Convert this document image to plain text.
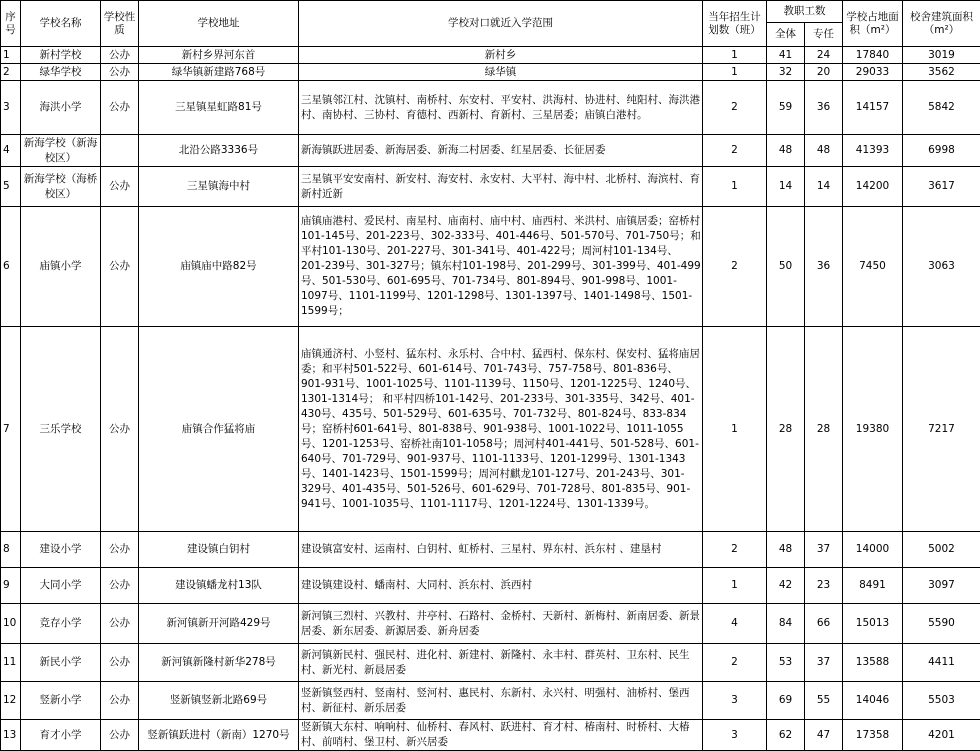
序号	学校名称	学校性质	学校地址	学校对口就近入学范围	当年招生计划数（班）	教职工数		学校占地面积（m²）	校舍建筑面积（m²）
						全体	专任		
1	新村学校	公办	新村乡界河东首	新村乡	1	41	24	17840	3019
2	绿华学校	公办	绿华镇新建路768号	绿华镇	1	32	20	29033	3562
3	海洪小学	公办	三星镇星虹路81号	三星镇邻江村、沈镇村、南桥村、东安村、平安村、洪海村、协进村、纯阳村、海洪港村、南协村、三协村、育德村、西新村、育新村、三星居委；庙镇白港村。	2	59	36	14157	5842
4	新海学校（新海校区）		北沿公路3336号	新海镇跃进居委、新海居委、新海二村居委、红星居委、长征居委	2	48	48	41393	6998
5	新海学校（海桥校区）	公办	三星镇海中村	三星镇平安安南村、新安村、海安村、永安村、大平村、海中村、北桥村、海滨村、育新村近新	1	14	14	14200	3617
6	庙镇小学	公办	庙镇庙中路82号	庙镇庙港村、爱民村、南星村、庙南村、庙中村、庙西村、米洪村、庙镇居委；窑桥村101-145号、201-223号、302-333号、401-446号、501-570号、701-750号；和平村101-130号、201-227号、301-341号、401-422号；周河村101-134号、201-239号、301-327号；镇东村101-198号、201-299号、301-399号、401-499号、501-530号、601-695号、701-734号、801-894号、901-998号、1001-1097号、1101-1199号、1201-1298号、1301-1397号、1401-1498号、1501-1599号；	2	50	36	7450	3063
7	三乐学校	公办	庙镇合作猛将庙	庙镇通济村、小竖村、猛东村、永乐村、合中村、猛西村、保东村、保安村、猛将庙居委；和平村501-522号、601-614号、701-743号、757-758号、801-836号、901-931号、1001-1025号、1101-1139号、1150号、1201-1225号、1240号、1301-1314号； 和平村四桥101-142号、201-233号、301-335号、342号、401-430号、435号、501-529号、601-635号、701-732号、801-824号、833-834号；窑桥村601-641号、801-838号、901-938号、1001-1022号、1011-1055号、1201-1253号、窑桥社南101-1058号；周河村401-441号、501-528号、601-640号、701-729号、901-937号、1101-1133号、1201-1299号、1301-1343号、1401-1423号、1501-1599号；周河村麒龙101-127号、201-243号、301-329号、401-435号、501-526号、601-629号、701-728号、801-835号、901-941号、1001-1035号、1101-1117号、1201-1224号、1301-1339号。	1	28	28	19380	7217
8	建设小学	公办	建设镇白钥村	建设镇富安村、运南村、白钥村、虹桥村、三星村、界东村、浜东村 、建垦村	2	48	37	14000	5002
9	大同小学	公办	建设镇蟠龙村13队	建设镇建设村、蟠南村、大同村、浜东村、浜西村	1	42	23	8491	3097
10	竞存小学	公办	新河镇新开河路429号	新河镇三烈村、兴教村、井亭村、石路村、金桥村、天新村、新梅村、新南居委、新景居委、新东居委、新源居委、新舟居委	4	84	66	15013	5590
11	新民小学	公办	新河镇新隆村新华278号	新河镇新民村、强民村、进化村、新建村、新隆村、永丰村、群英村、卫东村、民生村、新光村、新晨居委	2	53	37	13588	4411
12	竖新小学	公办	竖新镇竖新北路69号	竖新镇竖西村、竖南村、竖河村、惠民村、东新村、永兴村、明强村、油桥村、堡西村、新征村、新乐居委	3	69	55	14046	5503
13	育才小学	公办	竖新镇跃进村（新南）1270号	竖新镇大东村、响响村、仙桥村、春风村、跃进村、育才村、椿南村、时桥村、大椿村、前哨村、堡卫村、新兴居委	3	62	47	17358	4201
